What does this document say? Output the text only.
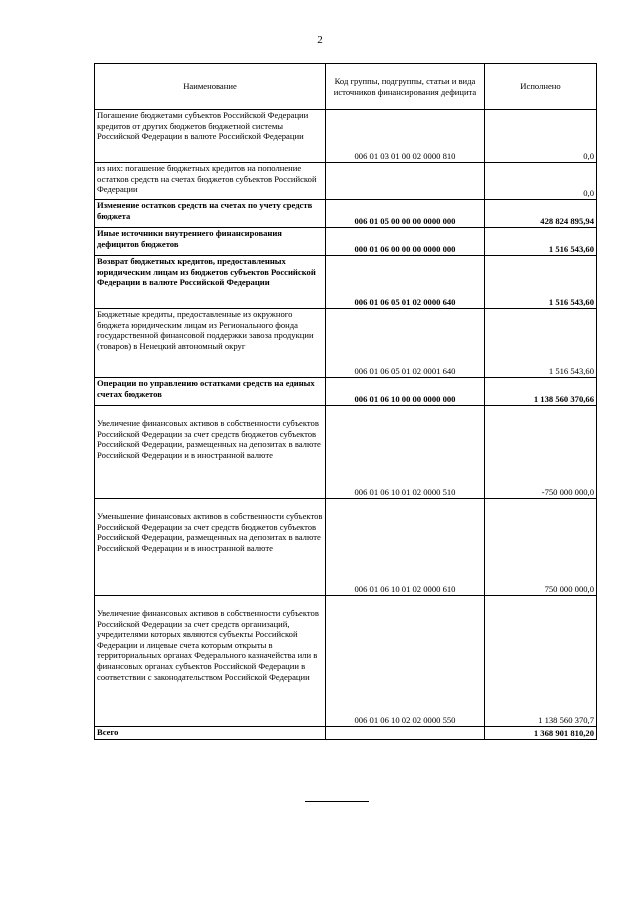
2
Наименование	Код группы, подгруппы, статьи и вида источников финансирования дефицита	Исполнено
Погашение бюджетами субъектов Российской Федерации кредитов от других бюджетов бюджетной системы Российской Федерации в валюте Российской Федерации	006 01 03 01 00 02 0000 810	0,0
из них: погашение бюджетных кредитов на пополнение остатков средств на счетах бюджетов субъектов Российской Федерации		0,0
Изменение остатков средств на счетах по учету средств бюджета	006 01 05 00 00 00 0000 000	428 824 895,94
Иные источники внутреннего финансирования дефицитов бюджетов	000 01 06 00 00 00 0000 000	1 516 543,60
Возврат бюджетных кредитов, предоставленных юридическим лицам из бюджетов субъектов Российской Федерации в валюте Российской Федерации	006 01 06 05 01 02 0000 640	1 516 543,60
Бюджетные кредиты, предоставленные из окружного бюджета юридическим лицам из Регионального фонда государственной финансовой поддержки завоза продукции (товаров) в Ненецкий автономный округ	006 01 06 05 01 02 0001 640	1 516 543,60
Операции по управлению остатками средств на единых счетах бюджетов	006 01 06 10 00 00 0000 000	1 138 560 370,66
Увеличение финансовых активов в собственности субъектов Российской Федерации за счет средств бюджетов субъектов Российской Федерации, размещенных на депозитах в валюте Российской Федерации и в иностранной валюте	006 01 06 10 01 02 0000 510	-750 000 000,0
Уменьшение финансовых активов в собственности субъектов Российской Федерации за счет средств бюджетов субъектов Российской Федерации, размещенных на депозитах в валюте Российской Федерации и в иностранной валюте	006 01 06 10 01 02 0000 610	750 000 000,0
Увеличение финансовых активов в собственности субъектов Российской Федерации за счет средств организаций, учредителями которых являются субъекты Российской Федерации и лицевые счета которым открыты в территориальных органах Федерального казначейства или в финансовых органах субъектов Российской Федерации в соответствии с законодательством Российской Федерации	006 01 06 10 02 02 0000 550	1 138 560 370,7
Всего		1 368 901 810,20
